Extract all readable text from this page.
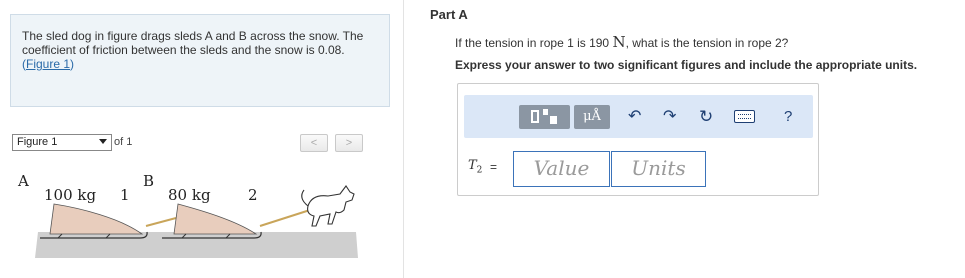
The sled dog in figure drags sleds A and B across the snow. The coefficient of friction between the sleds and the snow is 0.08.
(Figure 1)
Figure 1	of 1	<	>
A
100 kg 1
B
80 kg 2
Part A
If the tension in rope 1 is 190 N, what is the tension in rope 2?
Express your answer to two significant figures and include the appropriate units.
μÅ	↶ ↷ ↻	?
$T_2$ =	Value	Units
